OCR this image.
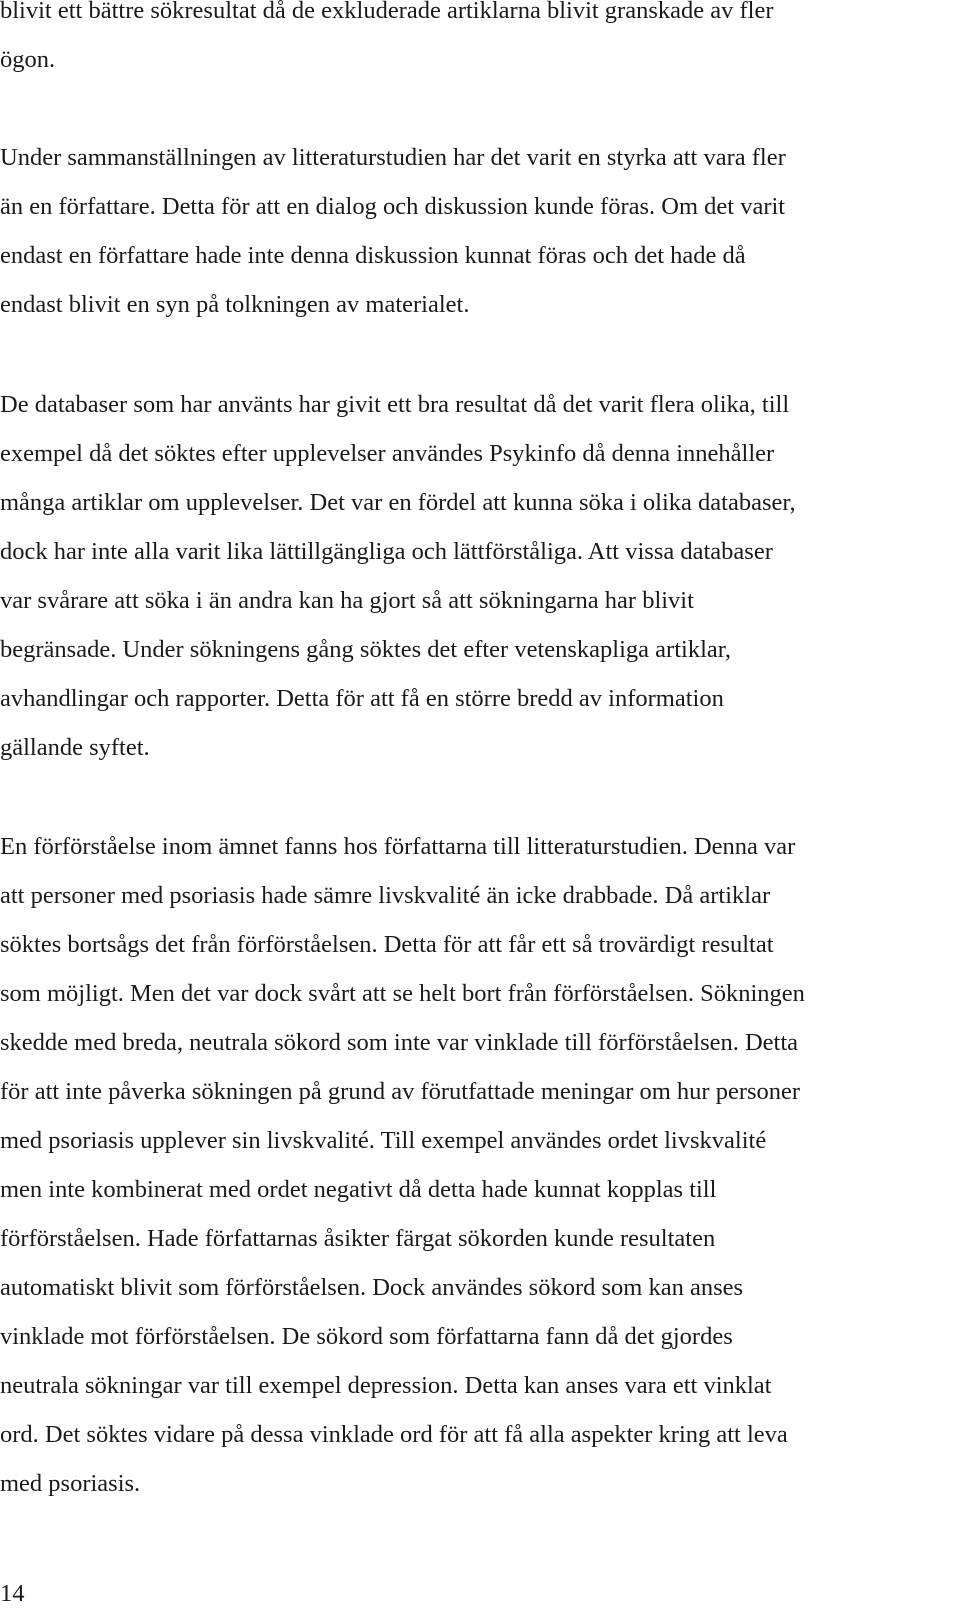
blivit ett bättre sökresultat då de exkluderade artiklarna blivit granskade av fler
ögon.
Under sammanställningen av litteraturstudien har det varit en styrka att vara fler
än en författare. Detta för att en dialog och diskussion kunde föras. Om det varit
endast en författare hade inte denna diskussion kunnat föras och det hade då
endast blivit en syn på tolkningen av materialet.
De databaser som har använts har givit ett bra resultat då det varit flera olika, till
exempel då det söktes efter upplevelser användes Psykinfo då denna innehåller
många artiklar om upplevelser. Det var en fördel att kunna söka i olika databaser,
dock har inte alla varit lika lättillgängliga och lättförståliga. Att vissa databaser
var svårare att söka i än andra kan ha gjort så att sökningarna har blivit
begränsade. Under sökningens gång söktes det efter vetenskapliga artiklar,
avhandlingar och rapporter. Detta för att få en större bredd av information
gällande syftet.
En förförståelse inom ämnet fanns hos författarna till litteraturstudien. Denna var
att personer med psoriasis hade sämre livskvalité än icke drabbade. Då artiklar
söktes bortsågs det från förförståelsen. Detta för att får ett så trovärdigt resultat
som möjligt. Men det var dock svårt att se helt bort från förförståelsen. Sökningen
skedde med breda, neutrala sökord som inte var vinklade till förförståelsen. Detta
för att inte påverka sökningen på grund av förutfattade meningar om hur personer
med psoriasis upplever sin livskvalité. Till exempel användes ordet livskvalité
men inte kombinerat med ordet negativt då detta hade kunnat kopplas till
förförståelsen. Hade författarnas åsikter färgat sökorden kunde resultaten
automatiskt blivit som förförståelsen. Dock användes sökord som kan anses
vinklade mot förförståelsen. De sökord som författarna fann då det gjordes
neutrala sökningar var till exempel depression. Detta kan anses vara ett vinklat
ord. Det söktes vidare på dessa vinklade ord för att få alla aspekter kring att leva
med psoriasis.
14
